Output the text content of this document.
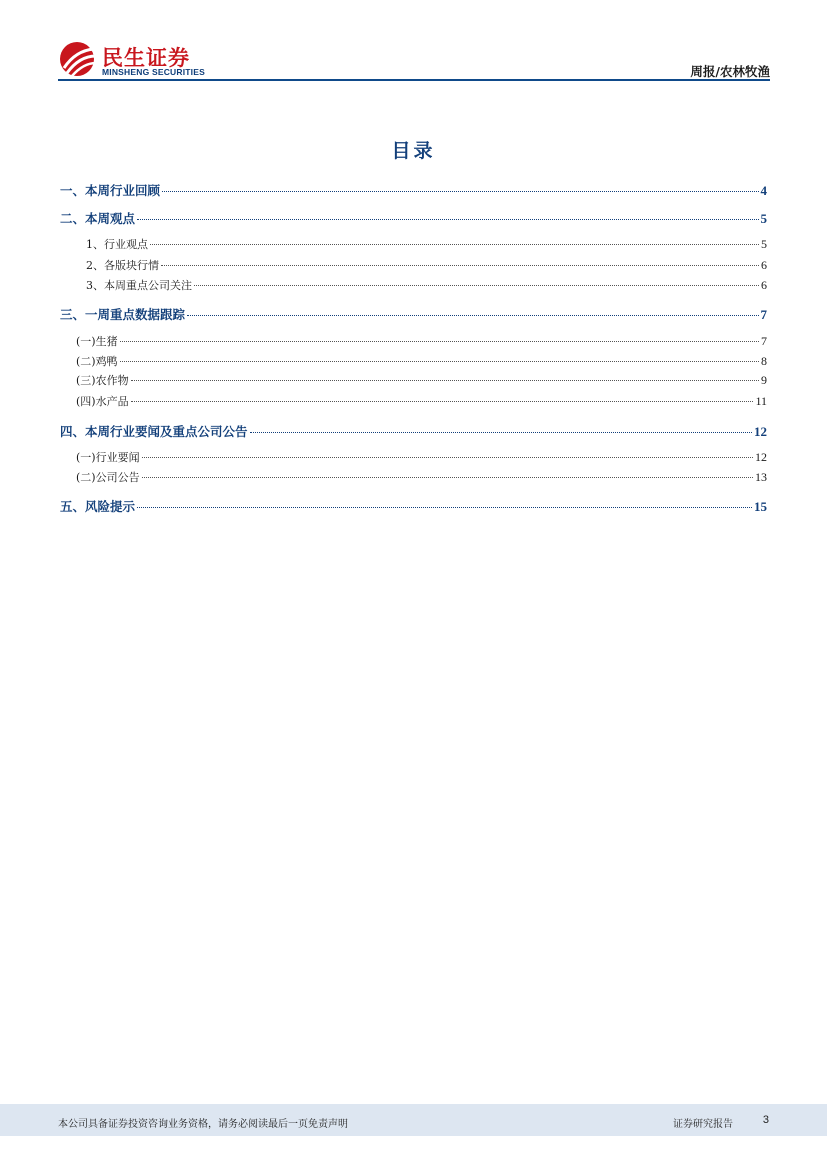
民生证券
MINSHENG SECURITIES	周报/农林牧渔
目录
一、本周行业回顾	4
二、本周观点	5
1、行业观点	5
2、各版块行情	6
3、本周重点公司关注	6
三、一周重点数据跟踪	7
(一)生猪	7
(二)鸡鸭	8
(三)农作物	9
(四)水产品	11
四、本周行业要闻及重点公司公告	12
(一)行业要闻	12
(二)公司公告	13
五、风险提示	15
本公司具备证券投资咨询业务资格，请务必阅读最后一页免责声明	证券研究报告	3
